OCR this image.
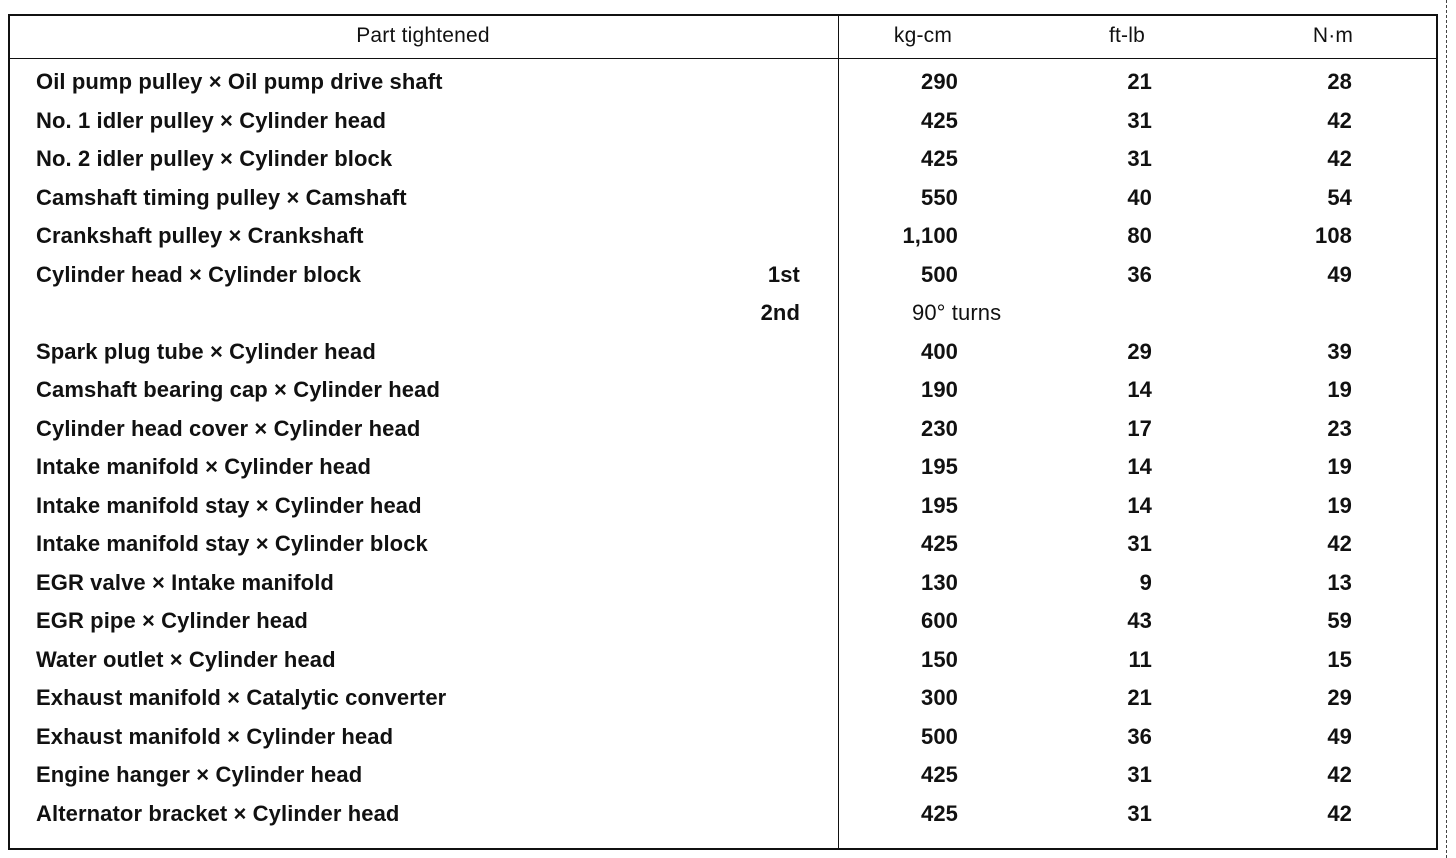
Part tightened	kg-cm	ft-lb	N·m
Oil pump pulley × Oil pump drive shaft	290	21	28
No. 1 idler pulley × Cylinder head	425	31	42
No. 2 idler pulley × Cylinder block	425	31	42
Camshaft timing pulley × Camshaft	550	40	54
Crankshaft pulley × Crankshaft	1,100	80	108
Cylinder head × Cylinder block	1st	500	36	49
2nd	90° turns
Spark plug tube × Cylinder head	400	29	39
Camshaft bearing cap × Cylinder head	190	14	19
Cylinder head cover × Cylinder head	230	17	23
Intake manifold × Cylinder head	195	14	19
Intake manifold stay × Cylinder head	195	14	19
Intake manifold stay × Cylinder block	425	31	42
EGR valve × Intake manifold	130	9	13
EGR pipe × Cylinder head	600	43	59
Water outlet × Cylinder head	150	11	15
Exhaust manifold × Catalytic converter	300	21	29
Exhaust manifold × Cylinder head	500	36	49
Engine hanger × Cylinder head	425	31	42
Alternator bracket × Cylinder head	425	31	42
